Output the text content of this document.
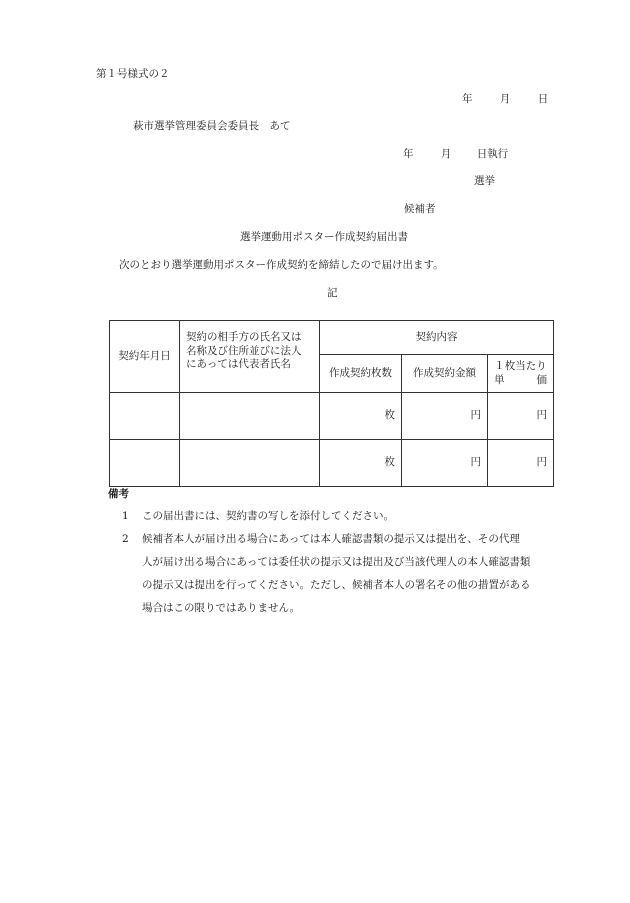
第１号様式の２
年	月	日
萩市選挙管理委員会委員長　あて
年	月 日執行
選挙
候補者
選挙運動用ポスター作成契約届出書
次のとおり選挙運動用ポスター作成契約を締結したので届け出ます。
記
契約年月日	契約の相手方の氏名又は
名称及び住所並びに法人
にあっては代表者氏名	契約内容		
		作成契約枚数	作成契約金額	１枚当たり
単 価

		枚	円	円
		枚	円	円
備考
1 この届出書には、契約書の写しを添付してください。
2 候補者本人が届け出る場合にあっては本人確認書類の提示又は提出を、その代理
人が届け出る場合にあっては委任状の提示又は提出及び当該代理人の本人確認書類
の提示又は提出を行ってください。ただし、候補者本人の署名その他の措置がある
場合はこの限りではありません。
